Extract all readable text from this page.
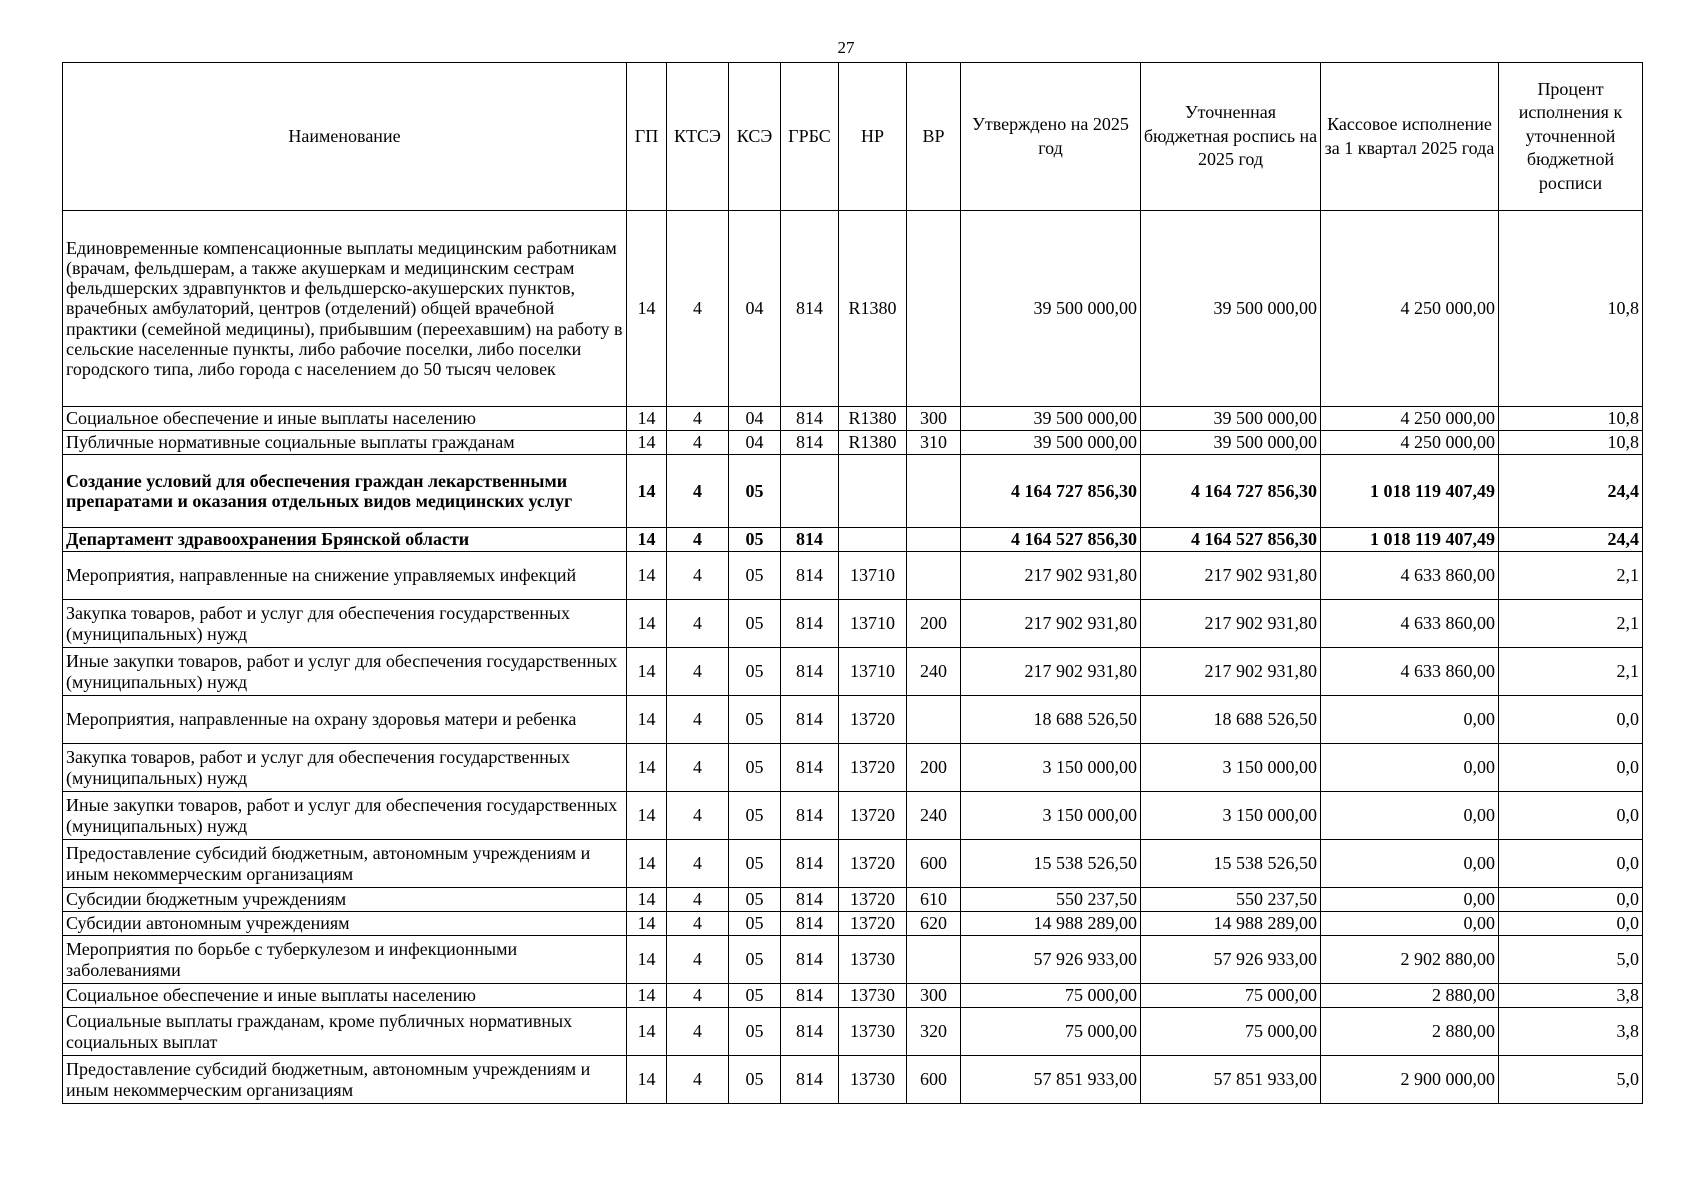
27
Наименование	ГП	КТСЭ	КСЭ	ГРБС	НР	ВР	Утверждено на 2025 год	Уточненная бюджетная роспись на 2025 год	Кассовое исполнение за 1 квартал 2025 года	Процент исполнения к уточненной бюджетной росписи
Единовременные компенсационные выплаты медицинским работникам (врачам, фельдшерам, а также акушеркам и медицинским сестрам фельдшерских здравпунктов и фельдшерско-акушерских пунктов, врачебных амбулаторий, центров (отделений) общей врачебной практики (семейной медицины), прибывшим (переехавшим) на работу в сельские населенные пункты, либо рабочие поселки, либо поселки городского типа, либо города с населением до 50 тысяч человек	14	4	04	814	R1380		39 500 000,00	39 500 000,00	4 250 000,00	10,8
Социальное обеспечение и иные выплаты населению	14	4	04	814	R1380	300	39 500 000,00	39 500 000,00	4 250 000,00	10,8
Публичные нормативные социальные выплаты гражданам	14	4	04	814	R1380	310	39 500 000,00	39 500 000,00	4 250 000,00	10,8
Создание условий для обеспечения граждан лекарственными препаратами и оказания отдельных видов медицинских услуг	14	4	05				4 164 727 856,30	4 164 727 856,30	1 018 119 407,49	24,4
Департамент здравоохранения Брянской области	14	4	05	814			4 164 527 856,30	4 164 527 856,30	1 018 119 407,49	24,4
Мероприятия, направленные на снижение управляемых инфекций	14	4	05	814	13710		217 902 931,80	217 902 931,80	4 633 860,00	2,1
Закупка товаров, работ и услуг для обеспечения государственных (муниципальных) нужд	14	4	05	814	13710	200	217 902 931,80	217 902 931,80	4 633 860,00	2,1
Иные закупки товаров, работ и услуг для обеспечения государственных (муниципальных) нужд	14	4	05	814	13710	240	217 902 931,80	217 902 931,80	4 633 860,00	2,1
Мероприятия, направленные на охрану здоровья матери и ребенка	14	4	05	814	13720		18 688 526,50	18 688 526,50	0,00	0,0
Закупка товаров, работ и услуг для обеспечения государственных (муниципальных) нужд	14	4	05	814	13720	200	3 150 000,00	3 150 000,00	0,00	0,0
Иные закупки товаров, работ и услуг для обеспечения государственных (муниципальных) нужд	14	4	05	814	13720	240	3 150 000,00	3 150 000,00	0,00	0,0
Предоставление субсидий бюджетным, автономным учреждениям и иным некоммерческим организациям	14	4	05	814	13720	600	15 538 526,50	15 538 526,50	0,00	0,0
Субсидии бюджетным учреждениям	14	4	05	814	13720	610	550 237,50	550 237,50	0,00	0,0
Субсидии автономным учреждениям	14	4	05	814	13720	620	14 988 289,00	14 988 289,00	0,00	0,0
Мероприятия по борьбе с туберкулезом и инфекционными заболеваниями	14	4	05	814	13730		57 926 933,00	57 926 933,00	2 902 880,00	5,0
Социальное обеспечение и иные выплаты населению	14	4	05	814	13730	300	75 000,00	75 000,00	2 880,00	3,8
Социальные выплаты гражданам, кроме публичных нормативных социальных выплат	14	4	05	814	13730	320	75 000,00	75 000,00	2 880,00	3,8
Предоставление субсидий бюджетным, автономным учреждениям и иным некоммерческим организациям	14	4	05	814	13730	600	57 851 933,00	57 851 933,00	2 900 000,00	5,0
